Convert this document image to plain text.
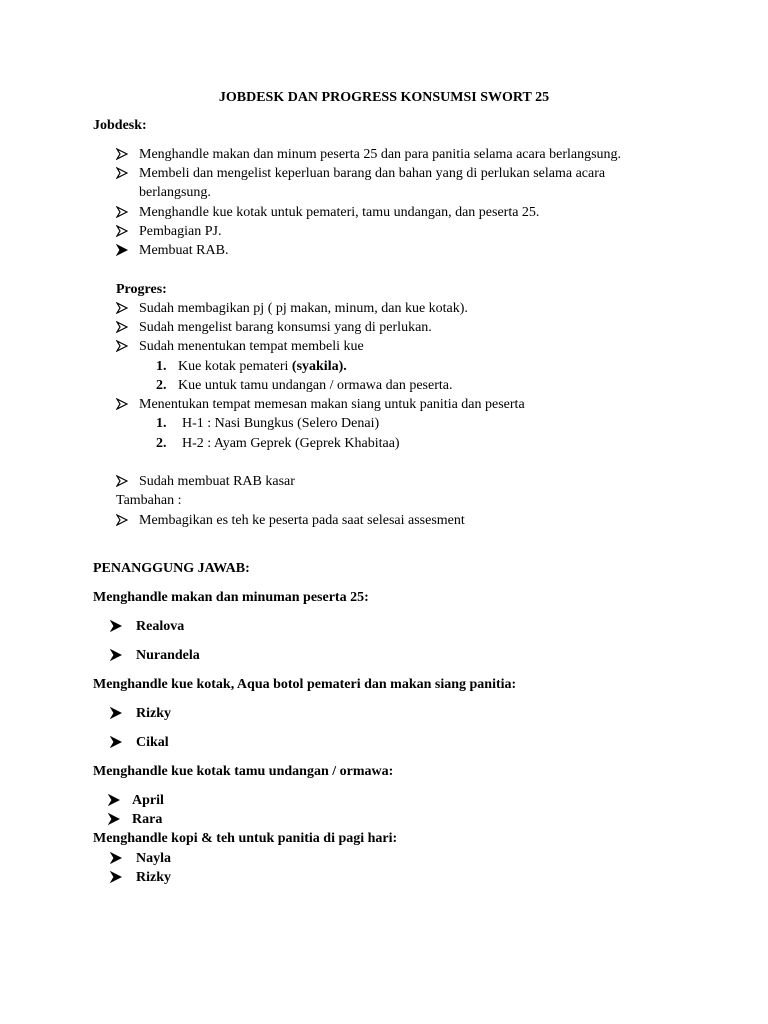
JOBDESK DAN PROGRESS KONSUMSI SWORT 25
Jobdesk:
Menghandle makan dan minum peserta 25 dan para panitia selama acara berlangsung.
Membeli dan mengelist keperluan barang dan bahan yang di perlukan selama acara
berlangsung.
Menghandle kue kotak untuk pemateri, tamu undangan, dan peserta 25.
Pembagian PJ.
Membuat RAB.
Progres:
Sudah membagikan pj ( pj makan, minum, dan kue kotak).
Sudah mengelist barang konsumsi yang di perlukan.
Sudah menentukan tempat membeli kue
1. Kue kotak pemateri (syakila).
2. Kue untuk tamu undangan / ormawa dan peserta.
Menentukan tempat memesan makan siang untuk panitia dan peserta
1. H-1 : Nasi Bungkus (Selero Denai)
2. H-2 : Ayam Geprek (Geprek Khabitaa)
Sudah membuat RAB kasar
Tambahan :
Membagikan es teh ke peserta pada saat selesai assesment
PENANGGUNG JAWAB:
Menghandle makan dan minuman peserta 25:
Realova
Nurandela
Menghandle kue kotak, Aqua botol pemateri dan makan siang panitia:
Rizky
Cikal
Menghandle kue kotak tamu undangan / ormawa:
April
Rara
Menghandle kopi & teh untuk panitia di pagi hari:
Nayla
Rizky
